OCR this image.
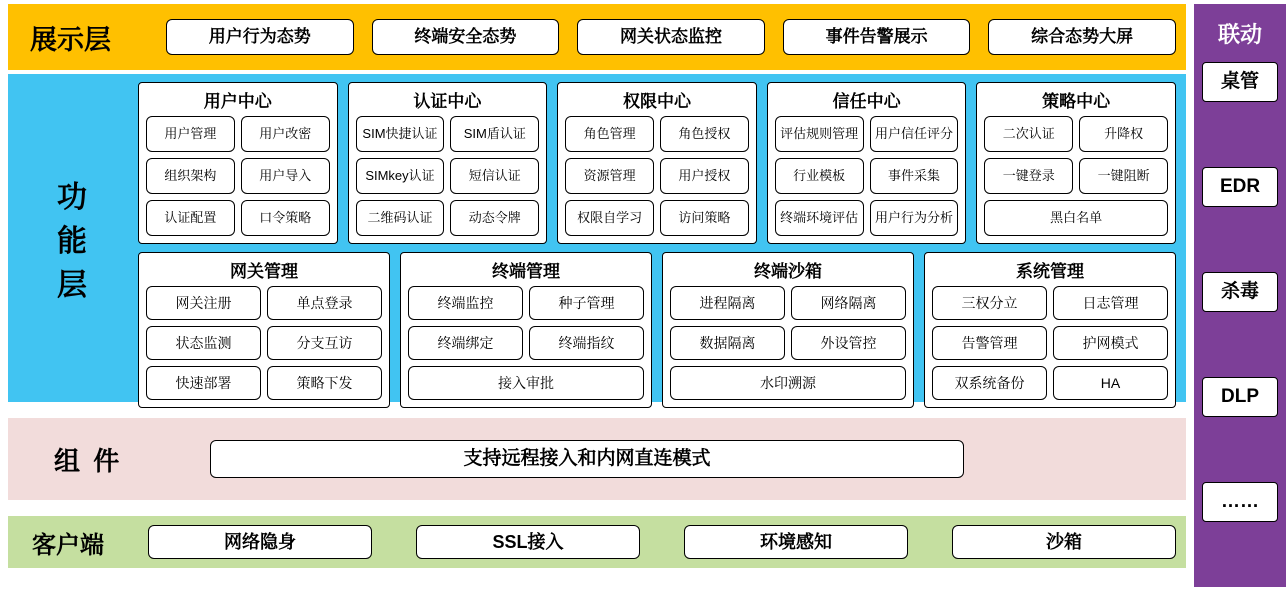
展示层	用户行为态势	终端安全态势	网关状态监控	事件告警展示	综合态势大屏
功
能
层
用户中心
用户管理	用户改密
组织架构	用户导入
认证配置	口令策略
认证中心
SIM快捷认证	SIM盾认证
SIMkey认证	短信认证
二维码认证	动态令牌
权限中心
角色管理	角色授权
资源管理	用户授权
权限自学习	访问策略
信任中心
评估规则管理	用户信任评分
行业模板	事件采集
终端环境评估	用户行为分析
策略中心
二次认证	升降权
一键登录	一键阻断
黑白名单
网关管理
网关注册	单点登录
状态监测	分支互访
快速部署	策略下发
终端管理
终端监控	种子管理
终端绑定	终端指纹
接入审批
终端沙箱
进程隔离	网络隔离
数据隔离	外设管控
水印溯源
系统管理
三权分立	日志管理
告警管理	护网模式
双系统备份	HA
组 件	支持远程接入和内网直连模式
客户端	网络隐身	SSL接入	环境感知	沙箱
联动
桌管
EDR
杀毒
DLP
……
